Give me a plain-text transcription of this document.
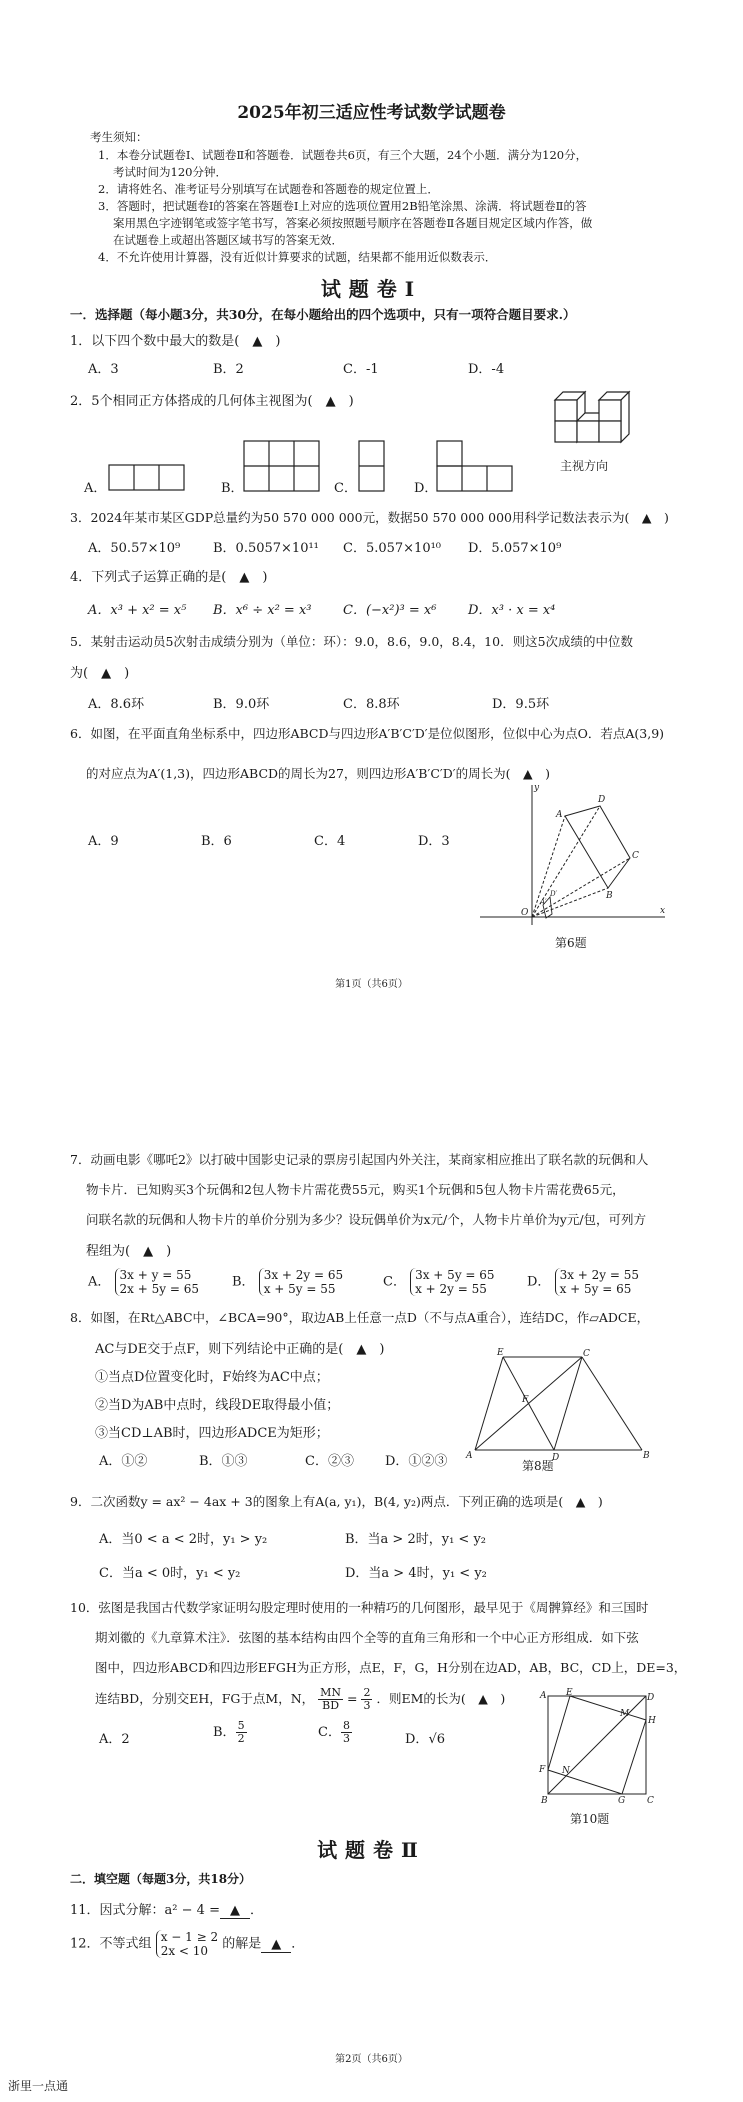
2025年初三适应性考试数学试题卷
考生须知：
1．本卷分试题卷Ⅰ、试题卷Ⅱ和答题卷．试题卷共6页，有三个大题，24个小题．满分为120分，
考试时间为120分钟．
2．请将姓名、准考证号分别填写在试题卷和答题卷的规定位置上．
3．答题时，把试题卷Ⅰ的答案在答题卷Ⅰ上对应的选项位置用2B铅笔涂黑、涂满．将试题卷Ⅱ的答
案用黑色字迹钢笔或签字笔书写，答案必须按照题号顺序在答题卷Ⅱ各题目规定区域内作答，做
在试题卷上或超出答题区域书写的答案无效．
4．不允许使用计算器，没有近似计算要求的试题，结果都不能用近似数表示．
试题卷Ⅰ
一．选择题（每小题3分，共30分，在每小题给出的四个选项中，只有一项符合题目要求.）
1．以下四个数中最大的数是(　▲　)
A．3	B．2	C．-1	D．-4
2．5个相同正方体搭成的几何体主视图为(　▲　)
主视方向
A．	B．	C．	D．
3．2024年某市某区GDP总量约为50 570 000 000元，数据50 570 000 000用科学记数法表示为(　▲　)
A．50.57×10⁹	B．0.5057×10¹¹ C．5.057×10¹⁰ D．5.057×10⁹
4．下列式子运算正确的是(　▲　)
A．x³ + x² = x⁵ B．x⁶ ÷ x² = x³ C．(−x²)³ = x⁶ D．x³ · x = x⁴
5．某射击运动员5次射击成绩分别为（单位：环）：9.0，8.6，9.0，8.4，10．则这5次成绩的中位数
为(　▲　)
A．8.6环	B．9.0环	C．8.8环	D．9.5环
6．如图，在平面直角坐标系中，四边形ABCD与四边形A′B′C′D′是位似图形，位似中心为点O．若点A(3,9)
的对应点为A′(1,3)，四边形ABCD的周长为27，则四边形A′B′C′D′的周长为(　▲　)
A．9	B．6	C．4	D．3
y
x
O
A
D
C
B
A′
D′
第6题
第1页（共6页）
7．动画电影《哪吒2》以打破中国影史记录的票房引起国内外关注，某商家相应推出了联名款的玩偶和人
物卡片．已知购买3个玩偶和2包人物卡片需花费55元，购买1个玩偶和5包人物卡片需花费65元，
问联名款的玩偶和人物卡片的单价分别为多少？设玩偶单价为x元/个，人物卡片单价为y元/包，可列方
程组为(　▲　)
A． 3x + y = 55
2x + 5y = 65	B． 3x + 2y = 65
x + 5y = 55	C． 3x + 5y = 65
x + 2y = 55	D． 3x + 2y = 55
x + 5y = 65
8．如图，在Rt△ABC中，∠BCA=90°，取边AB上任意一点D（不与点A重合），连结DC，作▱ADCE，
AC与DE交于点F，则下列结论中正确的是(　▲　)
①当点D位置变化时，F始终为AC中点；
②当D为AB中点时，线段DE取得最小值；
③当CD⊥AB时，四边形ADCE为矩形；
A．①②	B．①③	C．②③ D．①②③ A	D	B
C
E
F
第8题
9．二次函数y = ax² − 4ax + 3的图象上有A(a, y₁)，B(4, y₂)两点．下列正确的选项是(　▲　)
A．当0 < a < 2时，y₁ > y₂	B．当a > 2时，y₁ < y₂
C．当a < 0时，y₁ < y₂	D．当a > 4时，y₁ < y₂
10．弦图是我国古代数学家证明勾股定理时使用的一种精巧的几何图形，最早见于《周髀算经》和三国时
期刘徽的《九章算术注》．弦图的基本结构由四个全等的直角三角形和一个中心正方形组成．如下弦
图中，四边形ABCD和四边形EFGH为正方形，点E，F，G，H分别在边AD，AB，BC，CD上，DE=3，
连结BD，分别交EH，FG于点M，N， $\frac{MN}{BD} = \frac{2}{3}$ ．则EM的长为(　▲　)
A．2	B． $\frac{5}{2}$	C． $\frac{8}{3}$	D．√6
A E	D
H
M
F N
B	G C
第10题
试题卷Ⅱ
二．填空题（每题3分，共18分）
11．因式分解：a² − 4 = ▲ ．
12．不等式组 x − 1 ≥ 2
2x < 10	的解是 ▲ ．
第2页（共6页）
浙里一点通
